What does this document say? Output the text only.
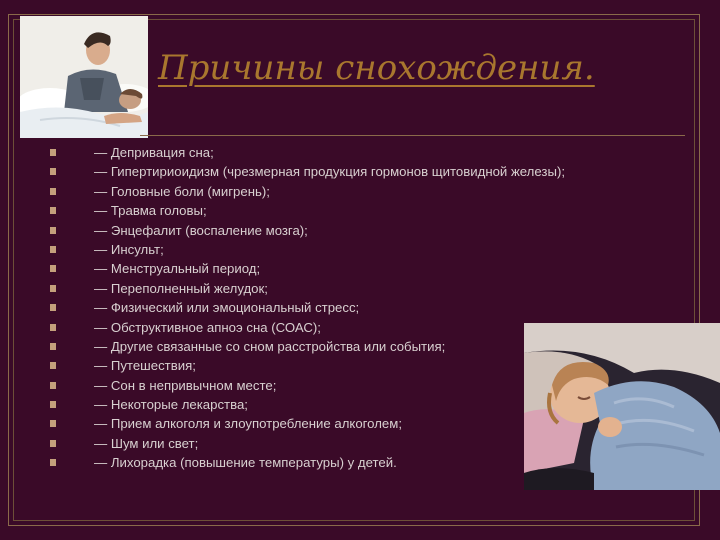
Причины снохождения.
— Депривация сна;
— Гипертириоидизм (чрезмерная продукция гормонов щитовидной железы);
— Головные боли (мигрень);
— Травма головы;
— Энцефалит (воспаление мозга);
— Инсульт;
— Менструальный период;
— Переполненный желудок;
— Физический или эмоциональный стресс;
— Обструктивное апноэ сна (СОАС);
— Другие связанные со сном расстройства или события;
— Путешествия;
— Сон в непривычном месте;
— Некоторые лекарства;
— Прием алкоголя и злоупотребление алкоголем;
— Шум или свет;
— Лихорадка (повышение температуры) у детей.
